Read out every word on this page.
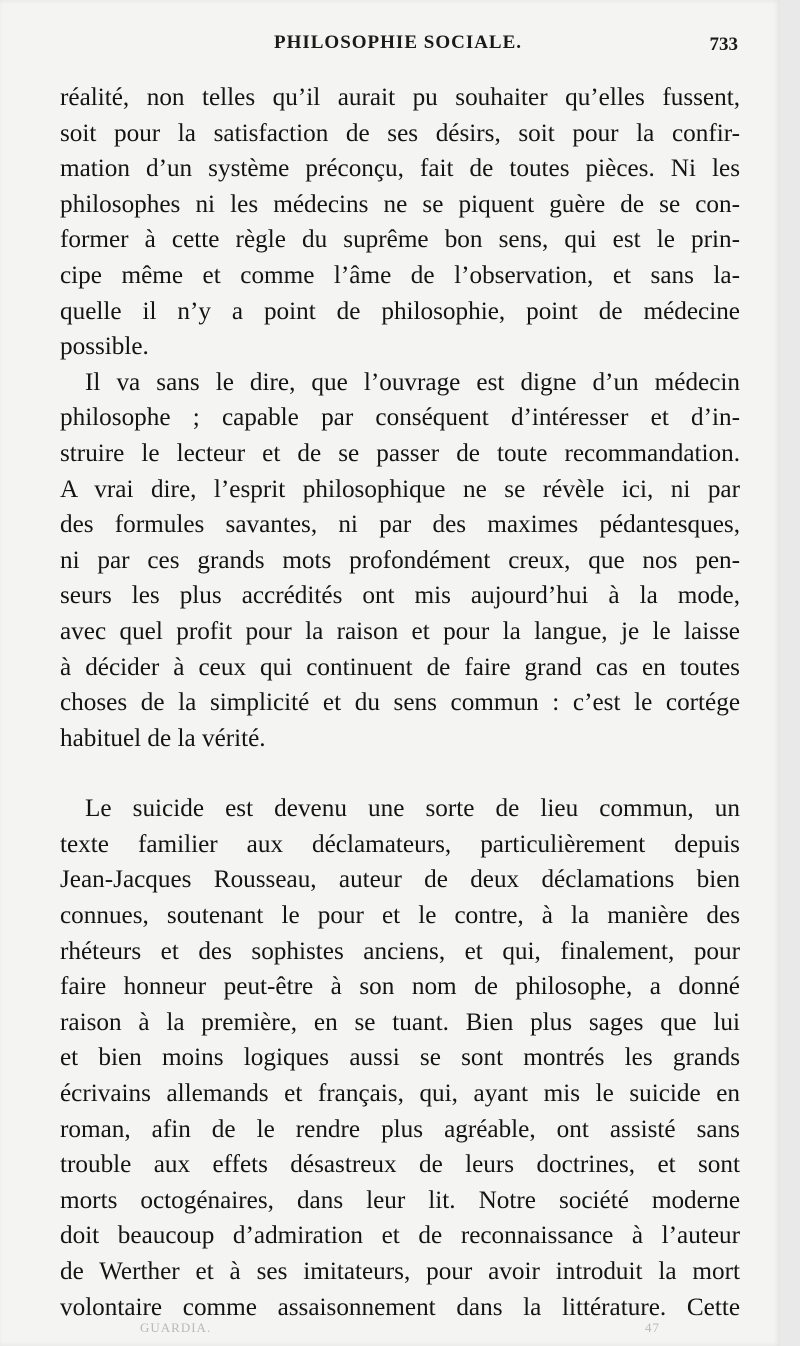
PHILOSOPHIE SOCIALE.	733
réalité, non telles qu’il aurait pu souhaiter qu’elles fussent,
soit pour la satisfaction de ses désirs, soit pour la confir-
mation d’un système préconçu, fait de toutes pièces. Ni les
philosophes ni les médecins ne se piquent guère de se con-
former à cette règle du suprême bon sens, qui est le prin-
cipe même et comme l’âme de l’observation, et sans la-
quelle il n’y a point de philosophie, point de médecine
possible.
Il va sans le dire, que l’ouvrage est digne d’un médecin
philosophe ; capable par conséquent d’intéresser et d’in-
struire le lecteur et de se passer de toute recommandation.
A vrai dire, l’esprit philosophique ne se révèle ici, ni par
des formules savantes, ni par des maximes pédantesques,
ni par ces grands mots profondément creux, que nos pen-
seurs les plus accrédités ont mis aujourd’hui à la mode,
avec quel profit pour la raison et pour la langue, je le laisse
à décider à ceux qui continuent de faire grand cas en toutes
choses de la simplicité et du sens commun : c’est le cortége
habituel de la vérité.
Le suicide est devenu une sorte de lieu commun, un
texte familier aux déclamateurs, particulièrement depuis
Jean-Jacques Rousseau, auteur de deux déclamations bien
connues, soutenant le pour et le contre, à la manière des
rhéteurs et des sophistes anciens, et qui, finalement, pour
faire honneur peut-être à son nom de philosophe, a donné
raison à la première, en se tuant. Bien plus sages que lui
et bien moins logiques aussi se sont montrés les grands
écrivains allemands et français, qui, ayant mis le suicide en
roman, afin de le rendre plus agréable, ont assisté sans
trouble aux effets désastreux de leurs doctrines, et sont
morts octogénaires, dans leur lit. Notre société moderne
doit beaucoup d’admiration et de reconnaissance à l’auteur
de Werther et à ses imitateurs, pour avoir introduit la mort
volontaire comme assaisonnement dans la littérature. Cette
GUARDIA.	47
